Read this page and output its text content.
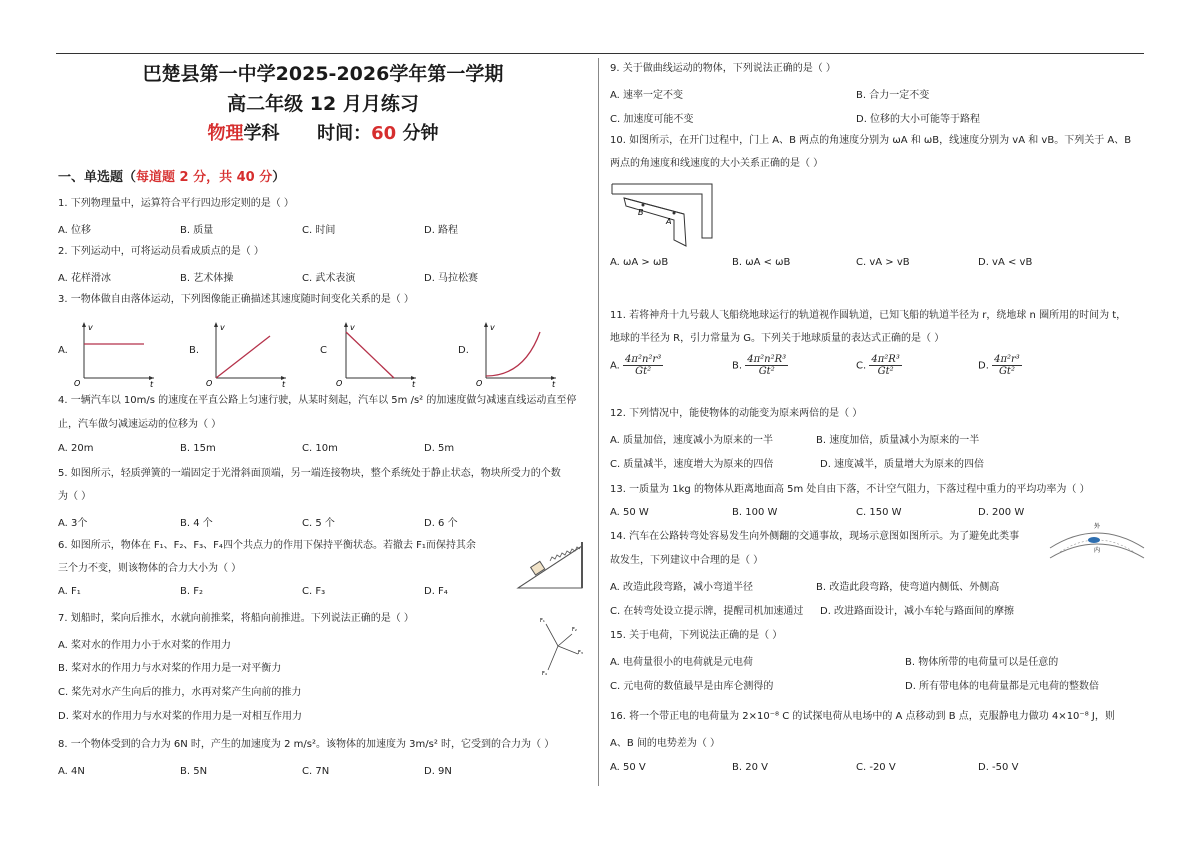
巴楚县第一中学2025-2026学年第一学期
高二年级 12 月月练习
物理学科 时间：60 分钟
一、单选题（每道题 2 分，共 40 分）
1. 下列物理量中，运算符合平行四边形定则的是（ ）
A. 位移	B. 质量	C. 时间	D. 路程
2. 下列运动中，可将运动员看成质点的是（ ）
A. 花样滑冰	B. 艺术体操	C. 武术表演	D. 马拉松赛
3. 一物体做自由落体运动，下列图像能正确描述其速度随时间变化关系的是（ ）
A.	B.	C	D.
v
t
O
v
t
O
v
t
O
v
t
O
4. 一辆汽车以 10m/s 的速度在平直公路上匀速行驶，从某时刻起，汽车以 5m /s² 的加速度做匀减速直线运动直至停
止，汽车做匀减速运动的位移为（ ）
A. 20m	B. 15m	C. 10m	D. 5m
5. 如图所示，轻质弹簧的一端固定于光滑斜面顶端，另一端连接物块，整个系统处于静止状态，物块所受力的个数
为（ ）
A. 3个	B. 4 个	C. 5 个	D. 6 个
6. 如图所示，物体在 F₁、F₂、F₃、F₄四个共点力的作用下保持平衡状态。若撤去 F₁而保持其余
三个力不变，则该物体的合力大小为（ ）
A. F₁	B. F₂	C. F₃	D. F₄
7. 划船时，桨向后推水，水就向前推桨，将船向前推进。下列说法正确的是（ ）
A. 桨对水的作用力小于水对桨的作用力
B. 桨对水的作用力与水对桨的作用力是一对平衡力
C. 桨先对水产生向后的推力，水再对桨产生向前的推力
D. 桨对水的作用力与水对桨的作用力是一对相互作用力
F₁
F₂
F₃
F₄
8. 一个物体受到的合力为 6N 时，产生的加速度为 2 m/s²。该物体的加速度为 3m/s² 时，它受到的合力为（ ）
A. 4N	B. 5N	C. 7N	D. 9N
9. 关于做曲线运动的物体，下列说法正确的是（ ）
A. 速率一定不变	B. 合力一定不变
C. 加速度可能不变	D. 位移的大小可能等于路程
10. 如图所示，在开门过程中，门上 A、B 两点的角速度分别为 ωA 和 ωB，线速度分别为 vA 和 vB。下列关于 A、B
两点的角速度和线速度的大小关系正确的是（ ）
B
A
A. ωA > ωB	B. ωA < ωB	C. vA > vB	D. vA < vB
11. 若将神舟十九号载人飞船绕地球运行的轨道视作圆轨道，已知飞船的轨道半径为 r，绕地球 n 圈所用的时间为 t，
地球的半径为 R，引力常量为 G。下列关于地球质量的表达式正确的是（ ）
A. $\frac{\text{4π²n²r³}}{\text{Gt²}}$	B. $\frac{\text{4π²n²R³}}{\text{Gt²}}$	C. $\frac{\text{4π²R³}}{\text{Gt²}}$	D. $\frac{\text{4π²r³}}{\text{Gt²}}$
12. 下列情况中，能使物体的动能变为原来两倍的是（ ）
A. 质量加倍，速度减小为原来的一半	B. 速度加倍，质量减小为原来的一半
C. 质量减半，速度增大为原来的四倍	D. 速度减半，质量增大为原来的四倍
13. 一质量为 1kg 的物体从距离地面高 5m 处自由下落，不计空气阻力，下落过程中重力的平均功率为（ ）
A. 50 W	B. 100 W	C. 150 W	D. 200 W
14. 汽车在公路转弯处容易发生向外侧翻的交通事故，现场示意图如图所示。为了避免此类事
故发生，下列建议中合理的是（ ）
外
内
A. 改造此段弯路，减小弯道半径	B. 改造此段弯路，使弯道内侧低、外侧高
C. 在转弯处设立提示牌，提醒司机加速通过 D. 改进路面设计，减小车轮与路面间的摩擦
15. 关于电荷，下列说法正确的是（ ）
A. 电荷量很小的电荷就是元电荷	B. 物体所带的电荷量可以是任意的
C. 元电荷的数值最早是由库仑测得的	D. 所有带电体的电荷量都是元电荷的整数倍
16. 将一个带正电的电荷量为 2×10⁻⁸ C 的试探电荷从电场中的 A 点移动到 B 点，克服静电力做功 4×10⁻⁸ J，则
A、B 间的电势差为（ ）
A. 50 V	B. 20 V	C. -20 V	D. -50 V
